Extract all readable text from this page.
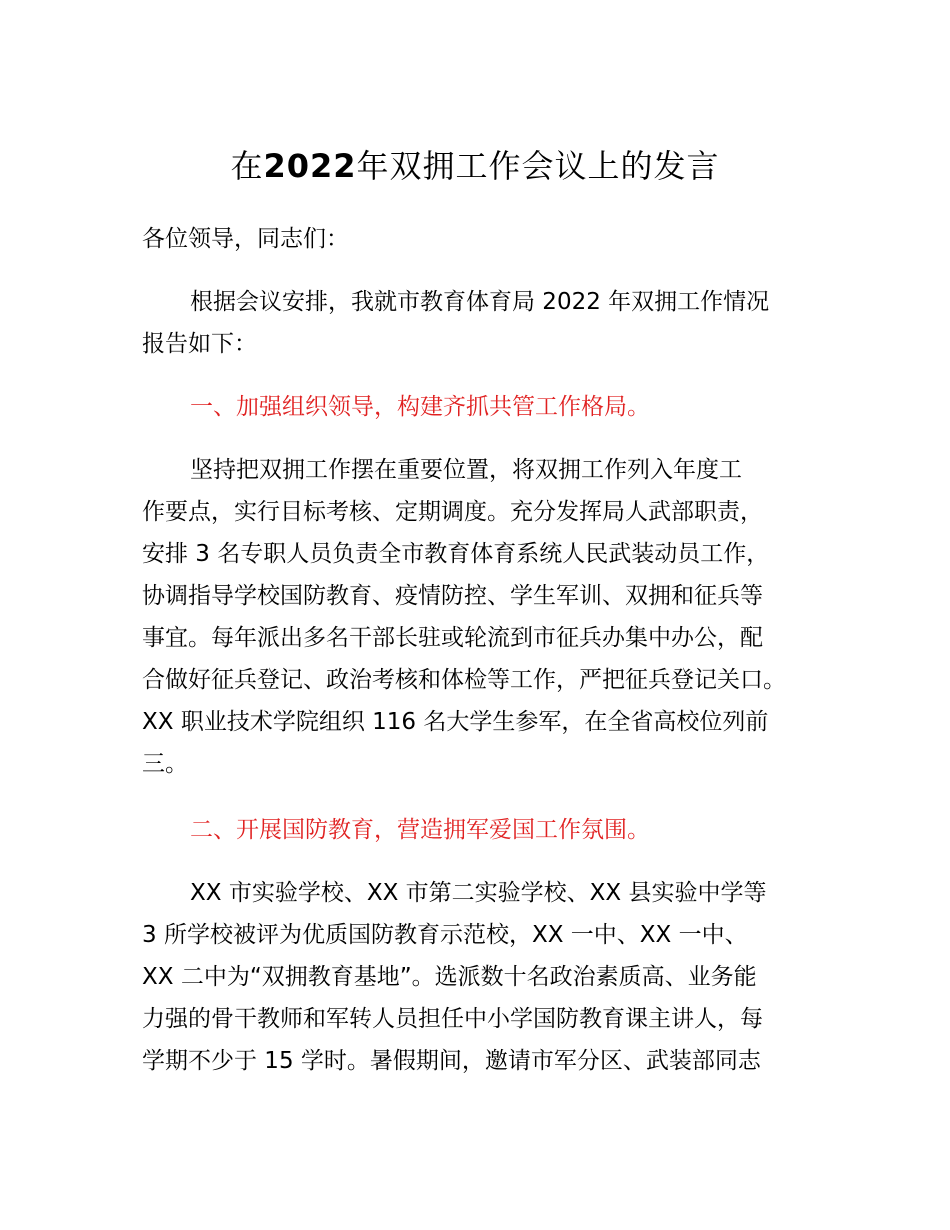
在2022年双拥工作会议上的发言

各位领导，同志们：

根据会议安排，我就市教育体育局 2022 年双拥工作情况
报告如下：

一、加强组织领导，构建齐抓共管工作格局。

坚持把双拥工作摆在重要位置，将双拥工作列入年度工
作要点，实行目标考核、定期调度。充分发挥局人武部职责，
安排 3 名专职人员负责全市教育体育系统人民武装动员工作，
协调指导学校国防教育、疫情防控、学生军训、双拥和征兵等
事宜。每年派出多名干部长驻或轮流到市征兵办集中办公，配
合做好征兵登记、政治考核和体检等工作，严把征兵登记关口。
XX 职业技术学院组织 116 名大学生参军，在全省高校位列前
三。

二、开展国防教育，营造拥军爱国工作氛围。

XX 市实验学校、XX 市第二实验学校、XX 县实验中学等
3 所学校被评为优质国防教育示范校，XX 一中、XX 一中、
XX 二中为“双拥教育基地”。选派数十名政治素质高、业务能
力强的骨干教师和军转人员担任中小学国防教育课主讲人，每
学期不少于 15 学时。暑假期间，邀请市军分区、武装部同志
